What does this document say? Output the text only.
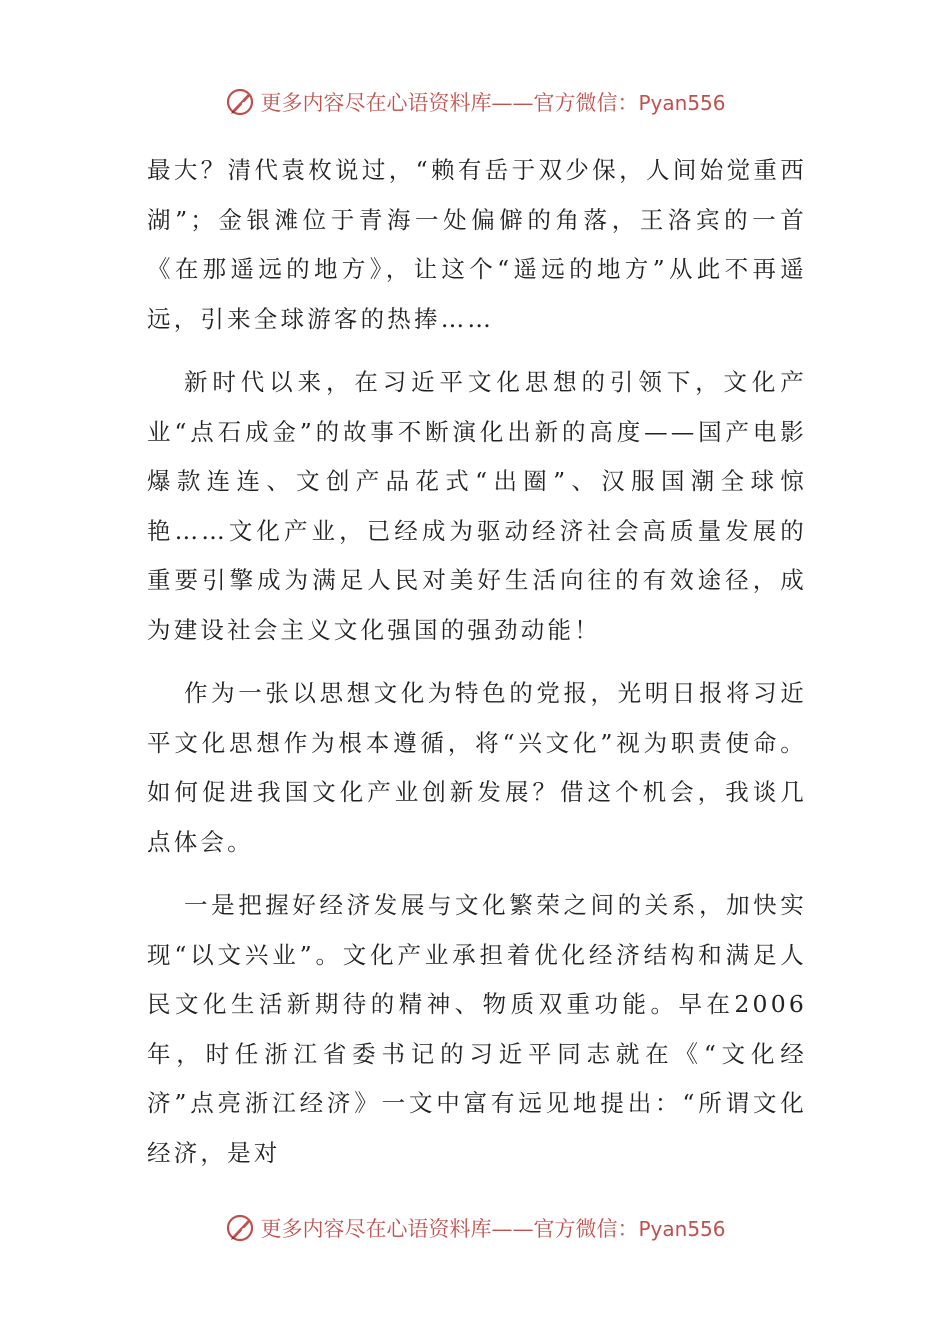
更多内容尽在心语资料库——官方微信：Pyan556

最大？清代袁枚说过，“赖有岳于双少保，人间始觉重西湖”；金银滩位于青海一处偏僻的角落，王洛宾的一首《在那遥远的地方》，让这个“遥远的地方”从此不再遥远，引来全球游客的热捧……

新时代以来，在习近平文化思想的引领下，文化产业“点石成金”的故事不断演化出新的高度——国产电影爆款连连、文创产品花式“出圈”、汉服国潮全球惊艳……文化产业，已经成为驱动经济社会高质量发展的重要引擎成为满足人民对美好生活向往的有效途径，成为建设社会主义文化强国的强劲动能！

作为一张以思想文化为特色的党报，光明日报将习近平文化思想作为根本遵循，将“兴文化”视为职责使命。如何促进我国文化产业创新发展？借这个机会，我谈几点体会。

一是把握好经济发展与文化繁荣之间的关系，加快实现“以文兴业”。文化产业承担着优化经济结构和满足人民文化生活新期待的精神、物质双重功能。早在2006年，时任浙江省委书记的习近平同志就在《“文化经济”点亮浙江经济》一文中富有远见地提出：“所谓文化经济，是对

更多内容尽在心语资料库——官方微信：Pyan556
